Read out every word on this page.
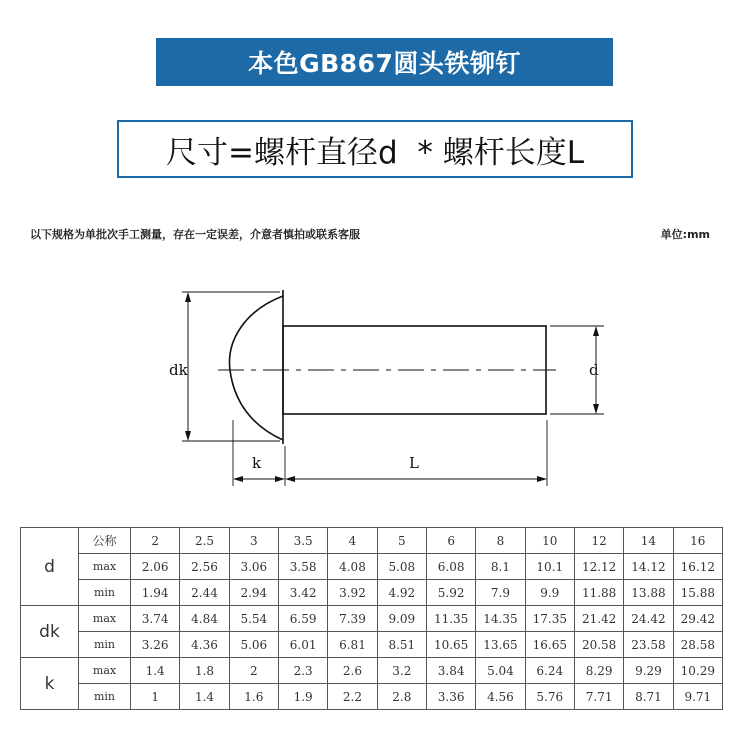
本色GB867圆头铁铆钉
尺寸=螺杆直径d  * 螺杆长度L
以下规格为单批次手工测量，存在一定误差，介意者慎拍或联系客服	单位:mm
dk	d
k	L
d	公称	2	2.5	3	3.5	4	5	6	8	10	12	14	16
	max	2.06	2.56	3.06	3.58	4.08	5.08	6.08	8.1	10.1	12.12	14.12	16.12
	min	1.94	2.44	2.94	3.42	3.92	4.92	5.92	7.9	9.9	11.88	13.88	15.88
dk	max	3.74	4.84	5.54	6.59	7.39	9.09	11.35	14.35	17.35	21.42	24.42	29.42
	min	3.26	4.36	5.06	6.01	6.81	8.51	10.65	13.65	16.65	20.58	23.58	28.58
k	max	1.4	1.8	2	2.3	2.6	3.2	3.84	5.04	6.24	8.29	9.29	10.29
	min	1	1.4	1.6	1.9	2.2	2.8	3.36	4.56	5.76	7.71	8.71	9.71
